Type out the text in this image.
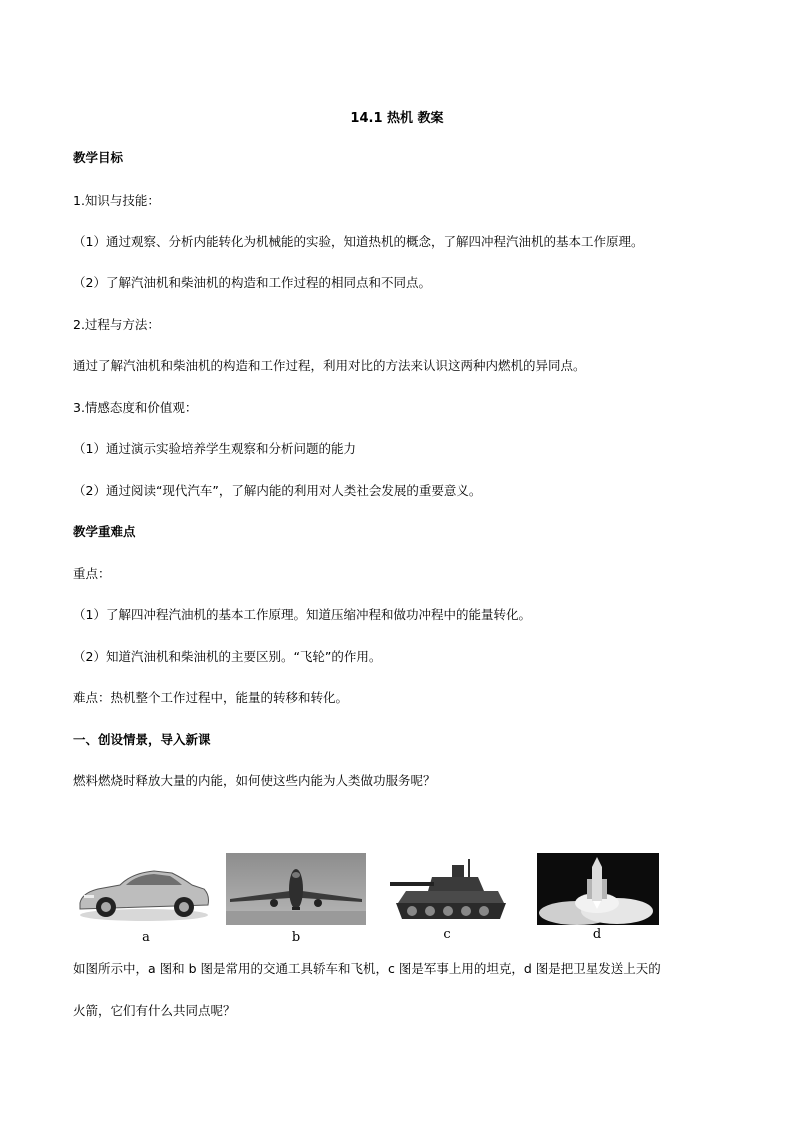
14.1 热机 教案
教学目标
1.知识与技能：
（1）通过观察、分析内能转化为机械能的实验，知道热机的概念，了解四冲程汽油机的基本工作原理。
（2）了解汽油机和柴油机的构造和工作过程的相同点和不同点。
2.过程与方法：
通过了解汽油机和柴油机的构造和工作过程，利用对比的方法来认识这两种内燃机的异同点。
3.情感态度和价值观：
（1）通过演示实验培养学生观察和分析问题的能力
（2）通过阅读“现代汽车”，了解内能的利用对人类社会发展的重要意义。
教学重难点
重点：
（1）了解四冲程汽油机的基本工作原理。知道压缩冲程和做功冲程中的能量转化。
（2）知道汽油机和柴油机的主要区别。“飞轮”的作用。
难点：热机整个工作过程中，能量的转移和转化。
一、创设情景，导入新课
燃料燃烧时释放大量的内能，如何使这些内能为人类做功服务呢？
a	b	c	d
如图所示中，a 图和 b 图是常用的交通工具轿车和飞机，c 图是军事上用的坦克，d 图是把卫星发送上天的
火箭，它们有什么共同点呢？
